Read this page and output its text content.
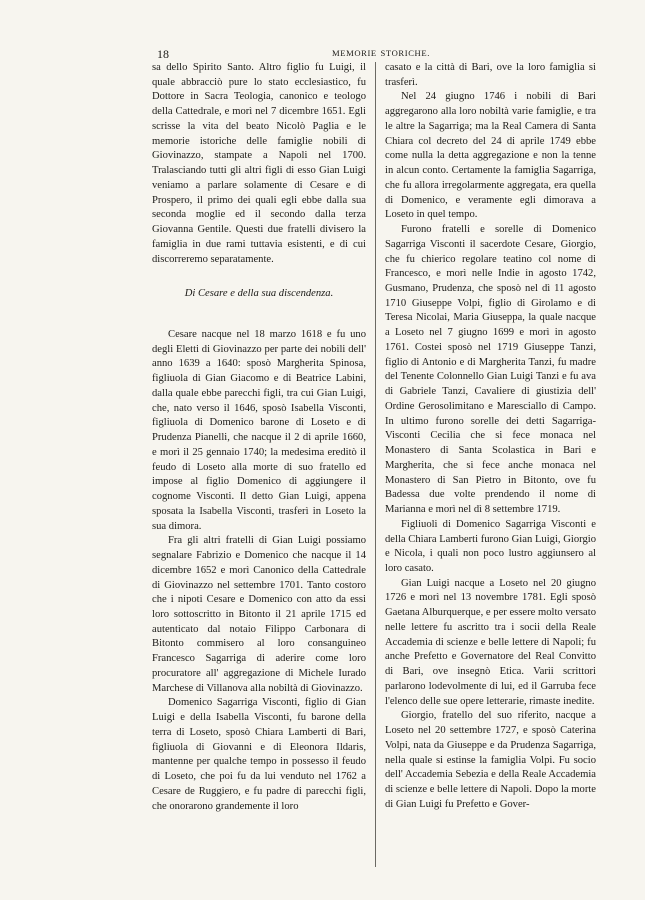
18	MEMORIE STORICHE.

sa dello Spirito Santo. Altro figlio fu Luigi, il quale abbracciò pure lo stato ecclesiastico, fu Dottore in Sacra Teologia, canonico e teologo della Cattedrale, e morì nel 7 dicembre 1651. Egli scrisse la vita del beato Nicolò Paglia e le memorie istoriche delle famiglie nobili di Giovinazzo, stampate a Napoli nel 1700. Tralasciando tutti gli altri figli di esso Gian Luigi veniamo a parlare solamente di Cesare e di Prospero, il primo dei quali egli ebbe dalla sua seconda moglie ed il secondo dalla terza Giovanna Gentile. Questi due fratelli divisero la famiglia in due rami tuttavia esistenti, e di cui discorreremo separatamente.

Di Cesare e della sua discendenza.

Cesare nacque nel 18 marzo 1618 e fu uno degli Eletti di Giovinazzo per parte dei nobili dell' anno 1639 a 1640: sposò Margherita Spinosa, figliuola di Gian Giacomo e di Beatrice Labini, dalla quale ebbe parecchi figli, tra cui Gian Luigi, che, nato verso il 1646, sposò Isabella Visconti, figliuola di Domenico barone di Loseto e di Prudenza Pianelli, che nacque il 2 di aprile 1660, e morì il 25 gennaio 1740; la medesima ereditò il feudo di Loseto alla morte di suo fratello ed impose al figlio Domenico di aggiungere il cognome Visconti. Il detto Gian Luigi, appena sposata la Isabella Visconti, trasferì in Loseto la sua dimora.

Fra gli altri fratelli di Gian Luigi possiamo segnalare Fabrizio e Domenico che nacque il 14 dicembre 1652 e morì Canonico della Cattedrale di Giovinazzo nel settembre 1701. Tanto costoro che i nipoti Cesare e Domenico con atto da essi loro sottoscritto in Bitonto il 21 aprile 1715 ed autenticato dal notaio Filippo Carbonara di Bitonto commisero al loro consanguineo Francesco Sagarriga di aderire come loro procuratore all' aggregazione di Michele Iurado Marchese di Villanova alla nobiltà di Giovinazzo.

Domenico Sagarriga Visconti, figlio di Gian Luigi e della Isabella Visconti, fu barone della terra di Loseto, sposò Chiara Lamberti di Bari, figliuola di Giovanni e di Eleonora Ildaris, mantenne per qualche tempo in possesso il feudo di Loseto, che poi fu da lui venduto nel 1762 a Cesare de Ruggiero, e fu padre di parecchi figli, che onorarono grandemente il loro

casato e la città di Bari, ove la loro famiglia si trasferì.

Nel 24 giugno 1746 i nobili di Bari aggregarono alla loro nobiltà varie famiglie, e tra le altre la Sagarriga; ma la Real Camera di Santa Chiara col decreto del 24 di aprile 1749 ebbe come nulla la detta aggregazione e non la tenne in alcun conto. Certamente la famiglia Sagarriga, che fu allora irregolarmente aggregata, era quella di Domenico, e veramente egli dimorava a Loseto in quel tempo.

Furono fratelli e sorelle di Domenico Sagarriga Visconti il sacerdote Cesare, Giorgio, che fu chierico regolare teatino col nome di Francesco, e morì nelle Indie in agosto 1742, Gusmano, Prudenza, che sposò nel dì 11 agosto 1710 Giuseppe Volpi, figlio di Girolamo e di Teresa Nicolai, Maria Giuseppa, la quale nacque a Loseto nel 7 giugno 1699 e morì in agosto 1761. Costei sposò nel 1719 Giuseppe Tanzi, figlio di Antonio e di Margherita Tanzi, fu madre del Tenente Colonnello Gian Luigi Tanzi e fu ava di Gabriele Tanzi, Cavaliere di giustizia dell' Ordine Gerosolimitano e Maresciallo di Campo. In ultimo furono sorelle dei detti Sagarriga-Visconti Cecilia che si fece monaca nel Monastero di Santa Scolastica in Bari e Margherita, che si fece anche monaca nel Monastero di San Pietro in Bitonto, ove fu Badessa due volte prendendo il nome di Marianna e morì nel dì 8 settembre 1719.

Figliuoli di Domenico Sagarriga Visconti e della Chiara Lamberti furono Gian Luigi, Giorgio e Nicola, i quali non poco lustro aggiunsero al loro casato.

Gian Luigi nacque a Loseto nel 20 giugno 1726 e morì nel 13 novembre 1781. Egli sposò Gaetana Alburquerque, e per essere molto versato nelle lettere fu ascritto tra i socii della Reale Accademia di scienze e belle lettere di Napoli; fu anche Prefetto e Governatore del Real Convitto di Bari, ove insegnò Etica. Varii scrittori parlarono lodevolmente di lui, ed il Garruba fece l'elenco delle sue opere letterarie, rimaste inedite.

Giorgio, fratello del suo riferito, nacque a Loseto nel 20 settembre 1727, e sposò Caterina Volpi, nata da Giuseppe e da Prudenza Sagarriga, nella quale si estinse la famiglia Volpi. Fu socio dell' Accademia Sebezia e della Reale Accademia di scienze e belle lettere di Napoli. Dopo la morte di Gian Luigi fu Prefetto e Gover-
